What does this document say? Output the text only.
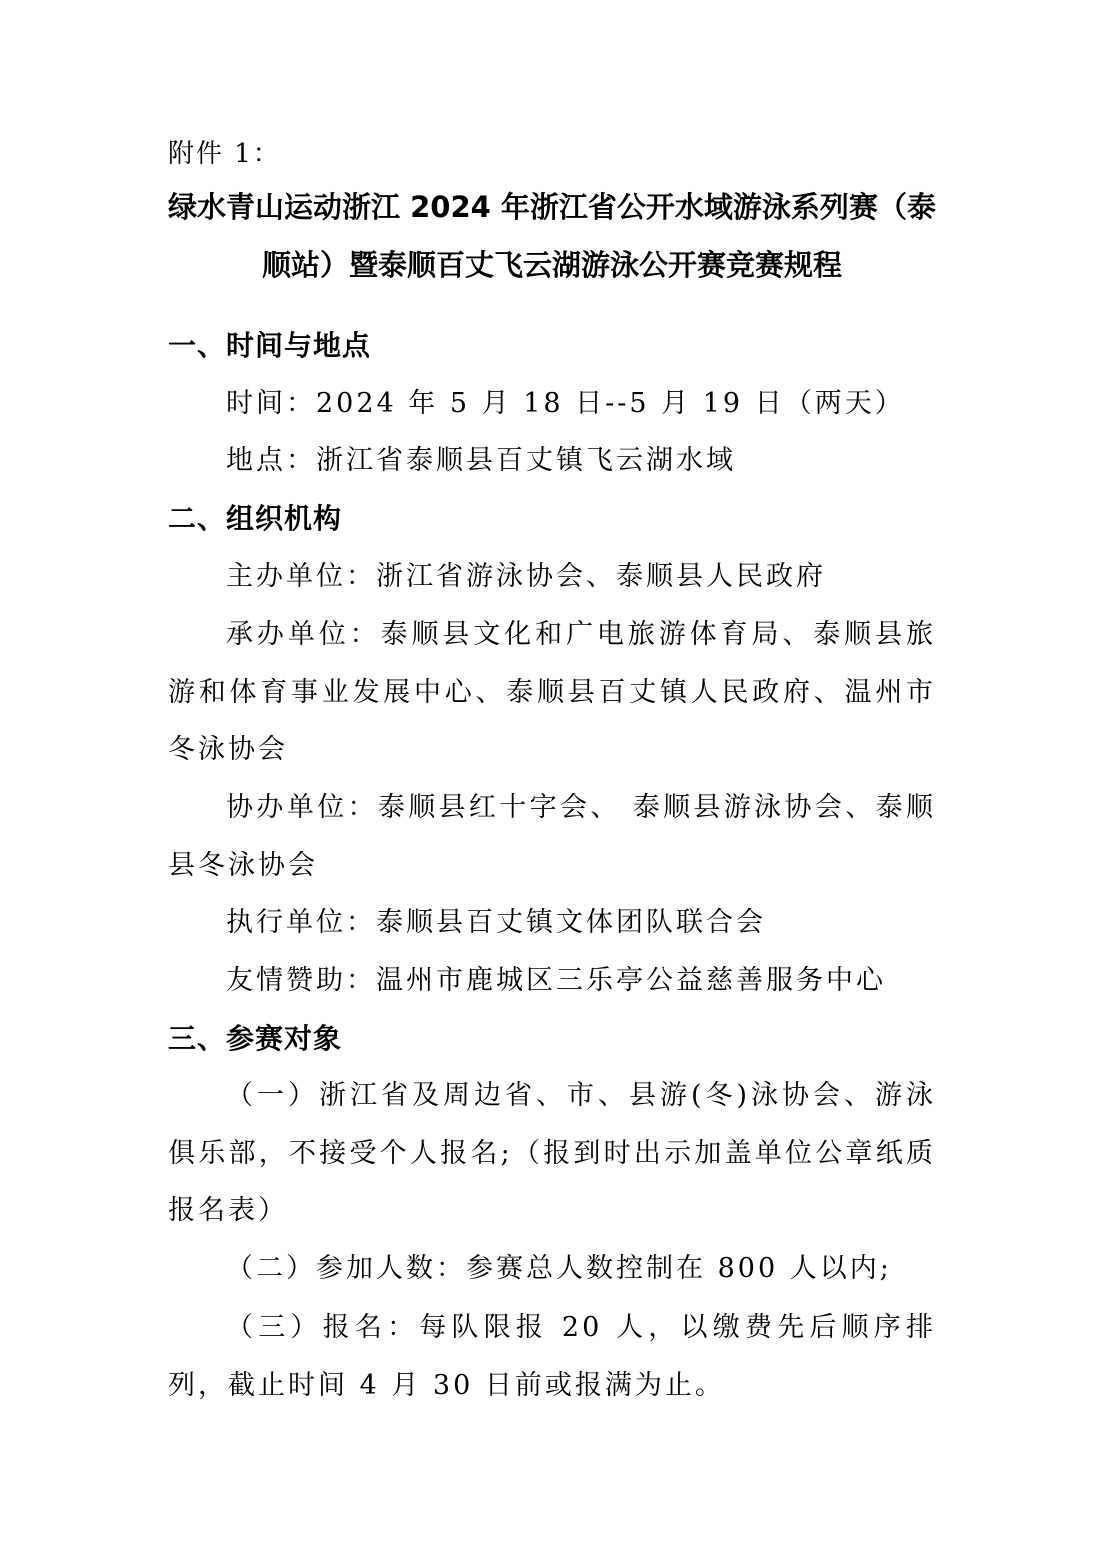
附件 1：
绿水青山运动浙江 2024 年浙江省公开水域游泳系列赛（泰顺站）暨泰顺百丈飞云湖游泳公开赛竞赛规程
一、时间与地点
时间：2024 年 5 月 18 日--5 月 19 日（两天）
地点：浙江省泰顺县百丈镇飞云湖水域
二、组织机构
主办单位：浙江省游泳协会、泰顺县人民政府
承办单位：泰顺县文化和广电旅游体育局、泰顺县旅游和体育事业发展中心、泰顺县百丈镇人民政府、温州市冬泳协会
协办单位：泰顺县红十字会、 泰顺县游泳协会、泰顺县冬泳协会
执行单位：泰顺县百丈镇文体团队联合会
友情赞助：温州市鹿城区三乐亭公益慈善服务中心
三、参赛对象
（一）浙江省及周边省、市、县游(冬)泳协会、游泳俱乐部，不接受个人报名;（报到时出示加盖单位公章纸质报名表）
（二）参加人数：参赛总人数控制在 800 人以内;
（三）报名：每队限报 20 人，以缴费先后顺序排列，截止时间 4 月 30 日前或报满为止。
